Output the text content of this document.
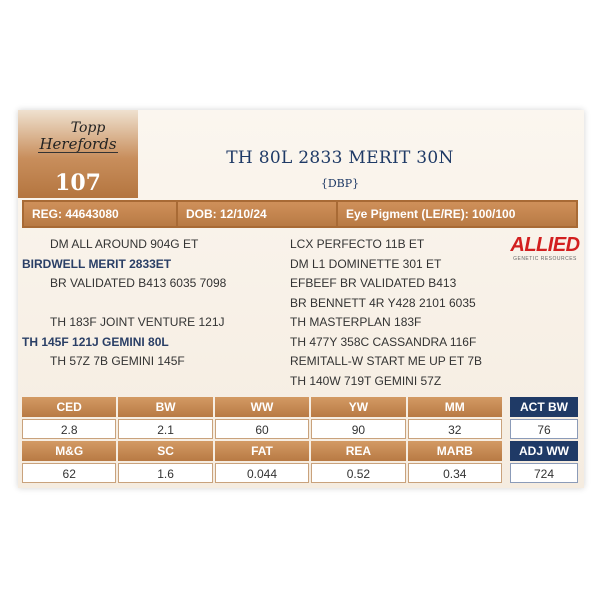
Topp
Herefords
107
TH 80L 2833 MERIT 30N
{DBP}
REG: 44643080	DOB: 12/10/24	Eye Pigment (LE/RE): 100/100
DM ALL AROUND 904G ET
BIRDWELL MERIT 2833ET
BR VALIDATED B413 6035 7098
TH 183F JOINT VENTURE 121J
TH 145F 121J GEMINI 80L
TH 57Z 7B GEMINI 145F
LCX PERFECTO 11B ET
DM L1 DOMINETTE 301 ET
EFBEEF BR VALIDATED B413
BR BENNETT 4R Y428 2101 6035
TH MASTERPLAN 183F
TH 477Y 358C CASSANDRA 116F
REMITALL-W START ME UP ET 7B
TH 140W 719T GEMINI 57Z
ALLIED
GENETIC RESOURCES
CED	BW	WW	YW	MM
2.8	2.1	60	90	32
M&G	SC	FAT	REA	MARB
62	1.6	0.044	0.52	0.34
ACT BW
76
ADJ WW
724
